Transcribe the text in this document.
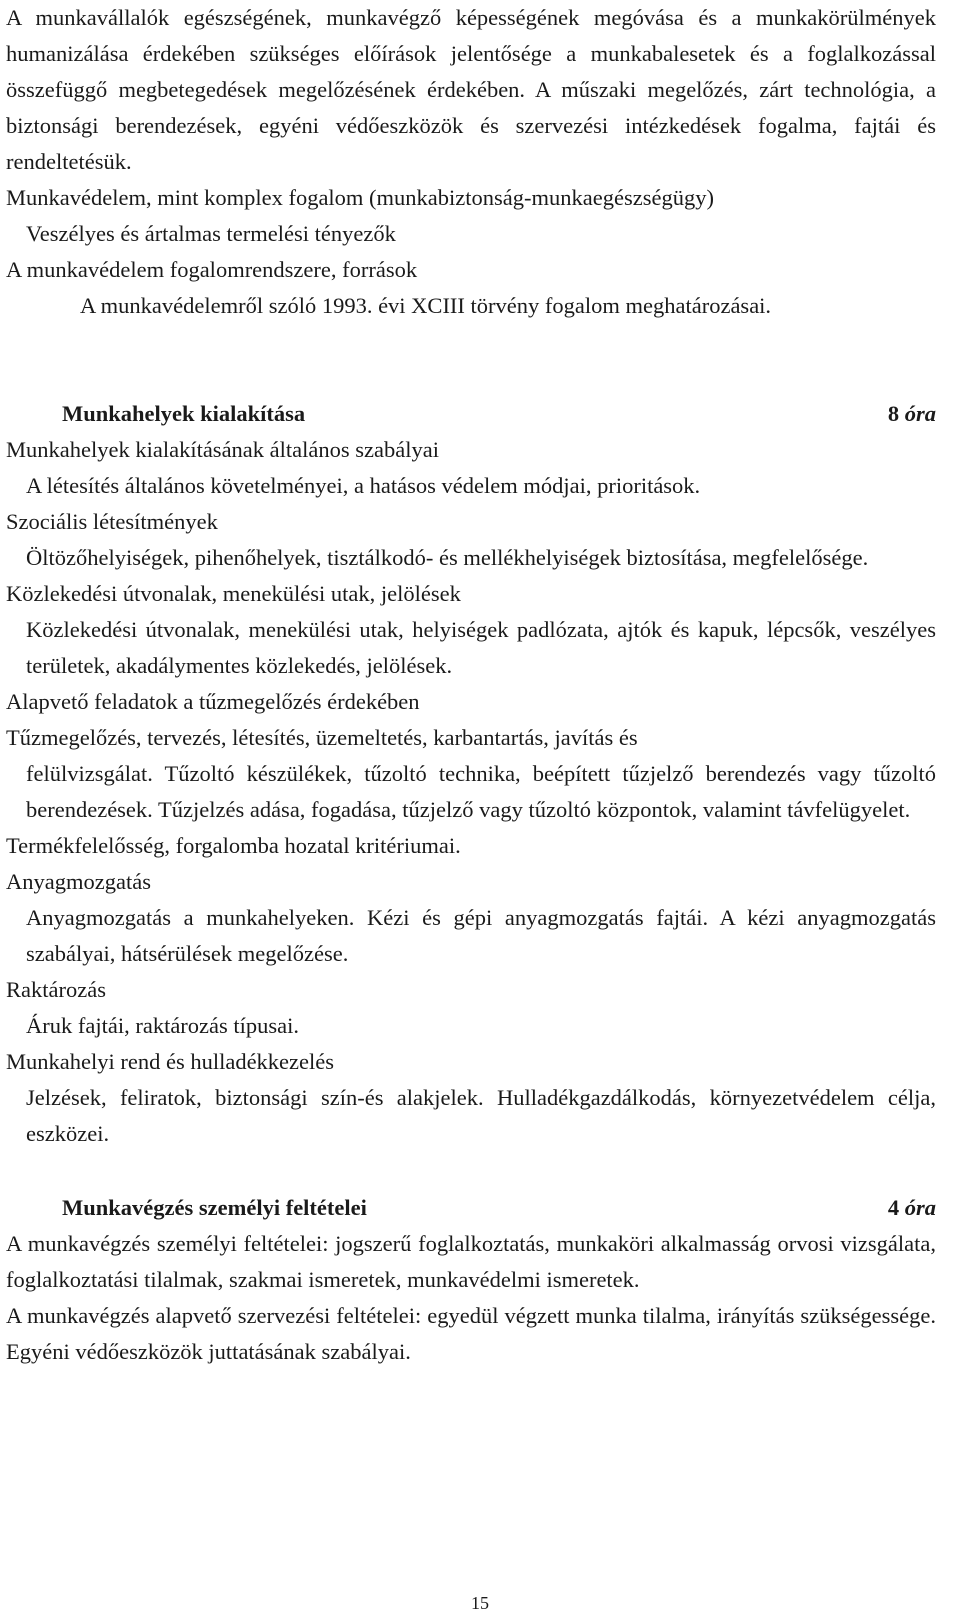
A munkavállalók egészségének, munkavégző képességének megóvása és a munkakörülmények humanizálása érdekében szükséges előírások jelentősége a munkabalesetek és a foglalkozással összefüggő megbetegedések megelőzésének érdekében. A műszaki megelőzés, zárt technológia, a biztonsági berendezések, egyéni védőeszközök és szervezési intézkedések fogalma, fajtái és rendeltetésük.

Munkavédelem, mint komplex fogalom (munkabiztonság-munkaegészségügy)

Veszélyes és ártalmas termelési tényezők

A munkavédelem fogalomrendszere, források

A munkavédelemről szóló 1993. évi XCIII törvény fogalom meghatározásai.

Munkahelyek kialakítása	8 óra

Munkahelyek kialakításának általános szabályai

A létesítés általános követelményei, a hatásos védelem módjai, prioritások.

Szociális létesítmények

Öltözőhelyiségek, pihenőhelyek, tisztálkodó- és mellékhelyiségek biztosítása, megfelelősége.

Közlekedési útvonalak, menekülési utak, jelölések

Közlekedési útvonalak, menekülési utak, helyiségek padlózata, ajtók és kapuk, lépcsők, veszélyes területek, akadálymentes közlekedés, jelölések.

Alapvető feladatok a tűzmegelőzés érdekében

Tűzmegelőzés, tervezés, létesítés, üzemeltetés, karbantartás, javítás és

felülvizsgálat. Tűzoltó készülékek, tűzoltó technika, beépített tűzjelző berendezés vagy tűzoltó berendezések. Tűzjelzés adása, fogadása, tűzjelző vagy tűzoltó központok, valamint távfelügyelet.

Termékfelelősség, forgalomba hozatal kritériumai.

Anyagmozgatás

Anyagmozgatás a munkahelyeken. Kézi és gépi anyagmozgatás fajtái. A kézi anyagmozgatás szabályai, hátsérülések megelőzése.

Raktározás

Áruk fajtái, raktározás típusai.

Munkahelyi rend és hulladékkezelés

Jelzések, feliratok, biztonsági szín-és alakjelek. Hulladékgazdálkodás, környezetvédelem célja, eszközei.

Munkavégzés személyi feltételei	4 óra

A munkavégzés személyi feltételei: jogszerű foglalkoztatás, munkaköri alkalmasság orvosi vizsgálata, foglalkoztatási tilalmak, szakmai ismeretek, munkavédelmi ismeretek.

A munkavégzés alapvető szervezési feltételei: egyedül végzett munka tilalma, irányítás szükségessége. Egyéni védőeszközök juttatásának szabályai.

15
